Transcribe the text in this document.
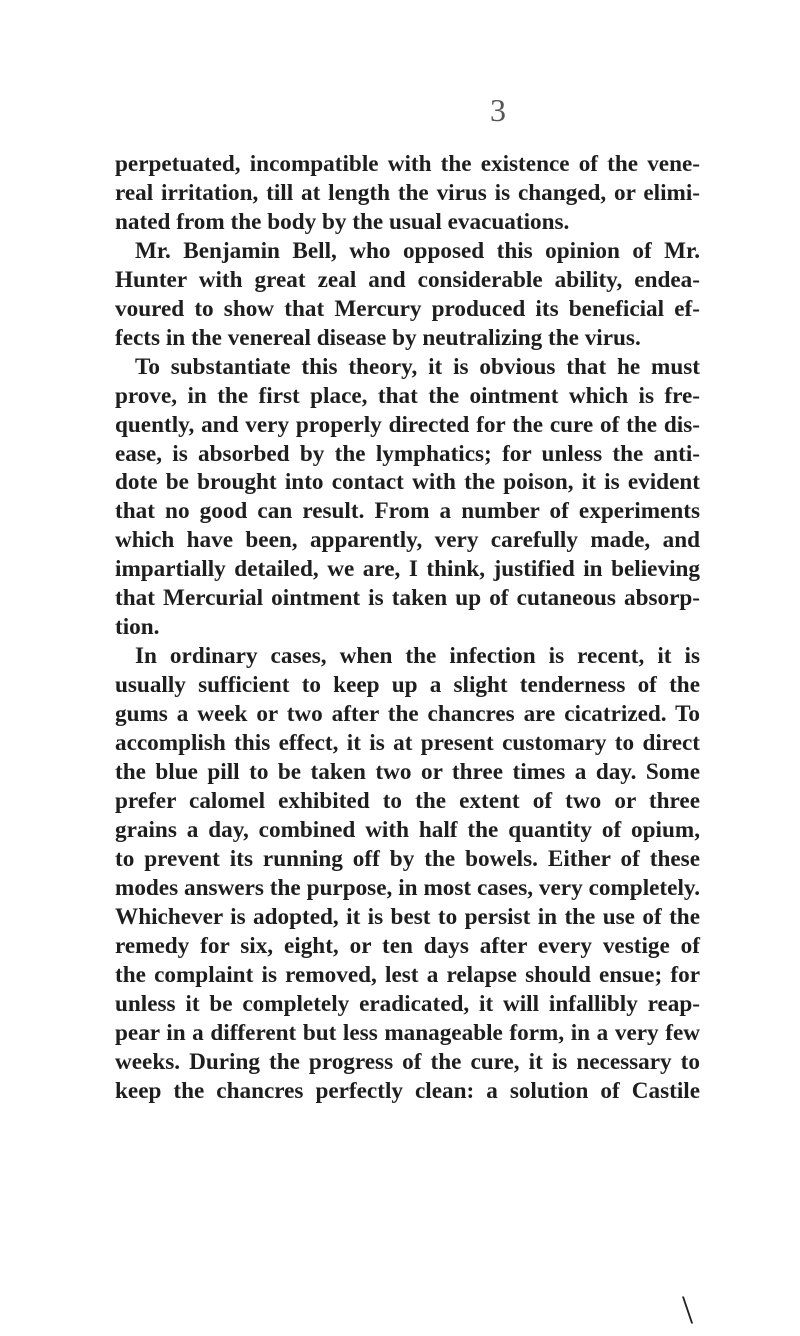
3
perpetuated, incompatible with the existence of the vene-
real irritation, till at length the virus is changed, or elimi-
nated from the body by the usual evacuations.
Mr. Benjamin Bell, who opposed this opinion of Mr.
Hunter with great zeal and considerable ability, endea-
voured to show that Mercury produced its beneficial ef-
fects in the venereal disease by neutralizing the virus.
To substantiate this theory, it is obvious that he must
prove, in the first place, that the ointment which is fre-
quently, and very properly directed for the cure of the dis-
ease, is absorbed by the lymphatics; for unless the anti-
dote be brought into contact with the poison, it is evident
that no good can result. From a number of experiments
which have been, apparently, very carefully made, and
impartially detailed, we are, I think, justified in believing
that Mercurial ointment is taken up of cutaneous absorp-
tion.
In ordinary cases, when the infection is recent, it is
usually sufficient to keep up a slight tenderness of the
gums a week or two after the chancres are cicatrized. To
accomplish this effect, it is at present customary to direct
the blue pill to be taken two or three times a day. Some
prefer calomel exhibited to the extent of two or three
grains a day, combined with half the quantity of opium,
to prevent its running off by the bowels. Either of these
modes answers the purpose, in most cases, very completely.
Whichever is adopted, it is best to persist in the use of the
remedy for six, eight, or ten days after every vestige of
the complaint is removed, lest a relapse should ensue; for
unless it be completely eradicated, it will infallibly reap-
pear in a different but less manageable form, in a very few
weeks. During the progress of the cure, it is necessary to
keep the chancres perfectly clean: a solution of Castile
\
